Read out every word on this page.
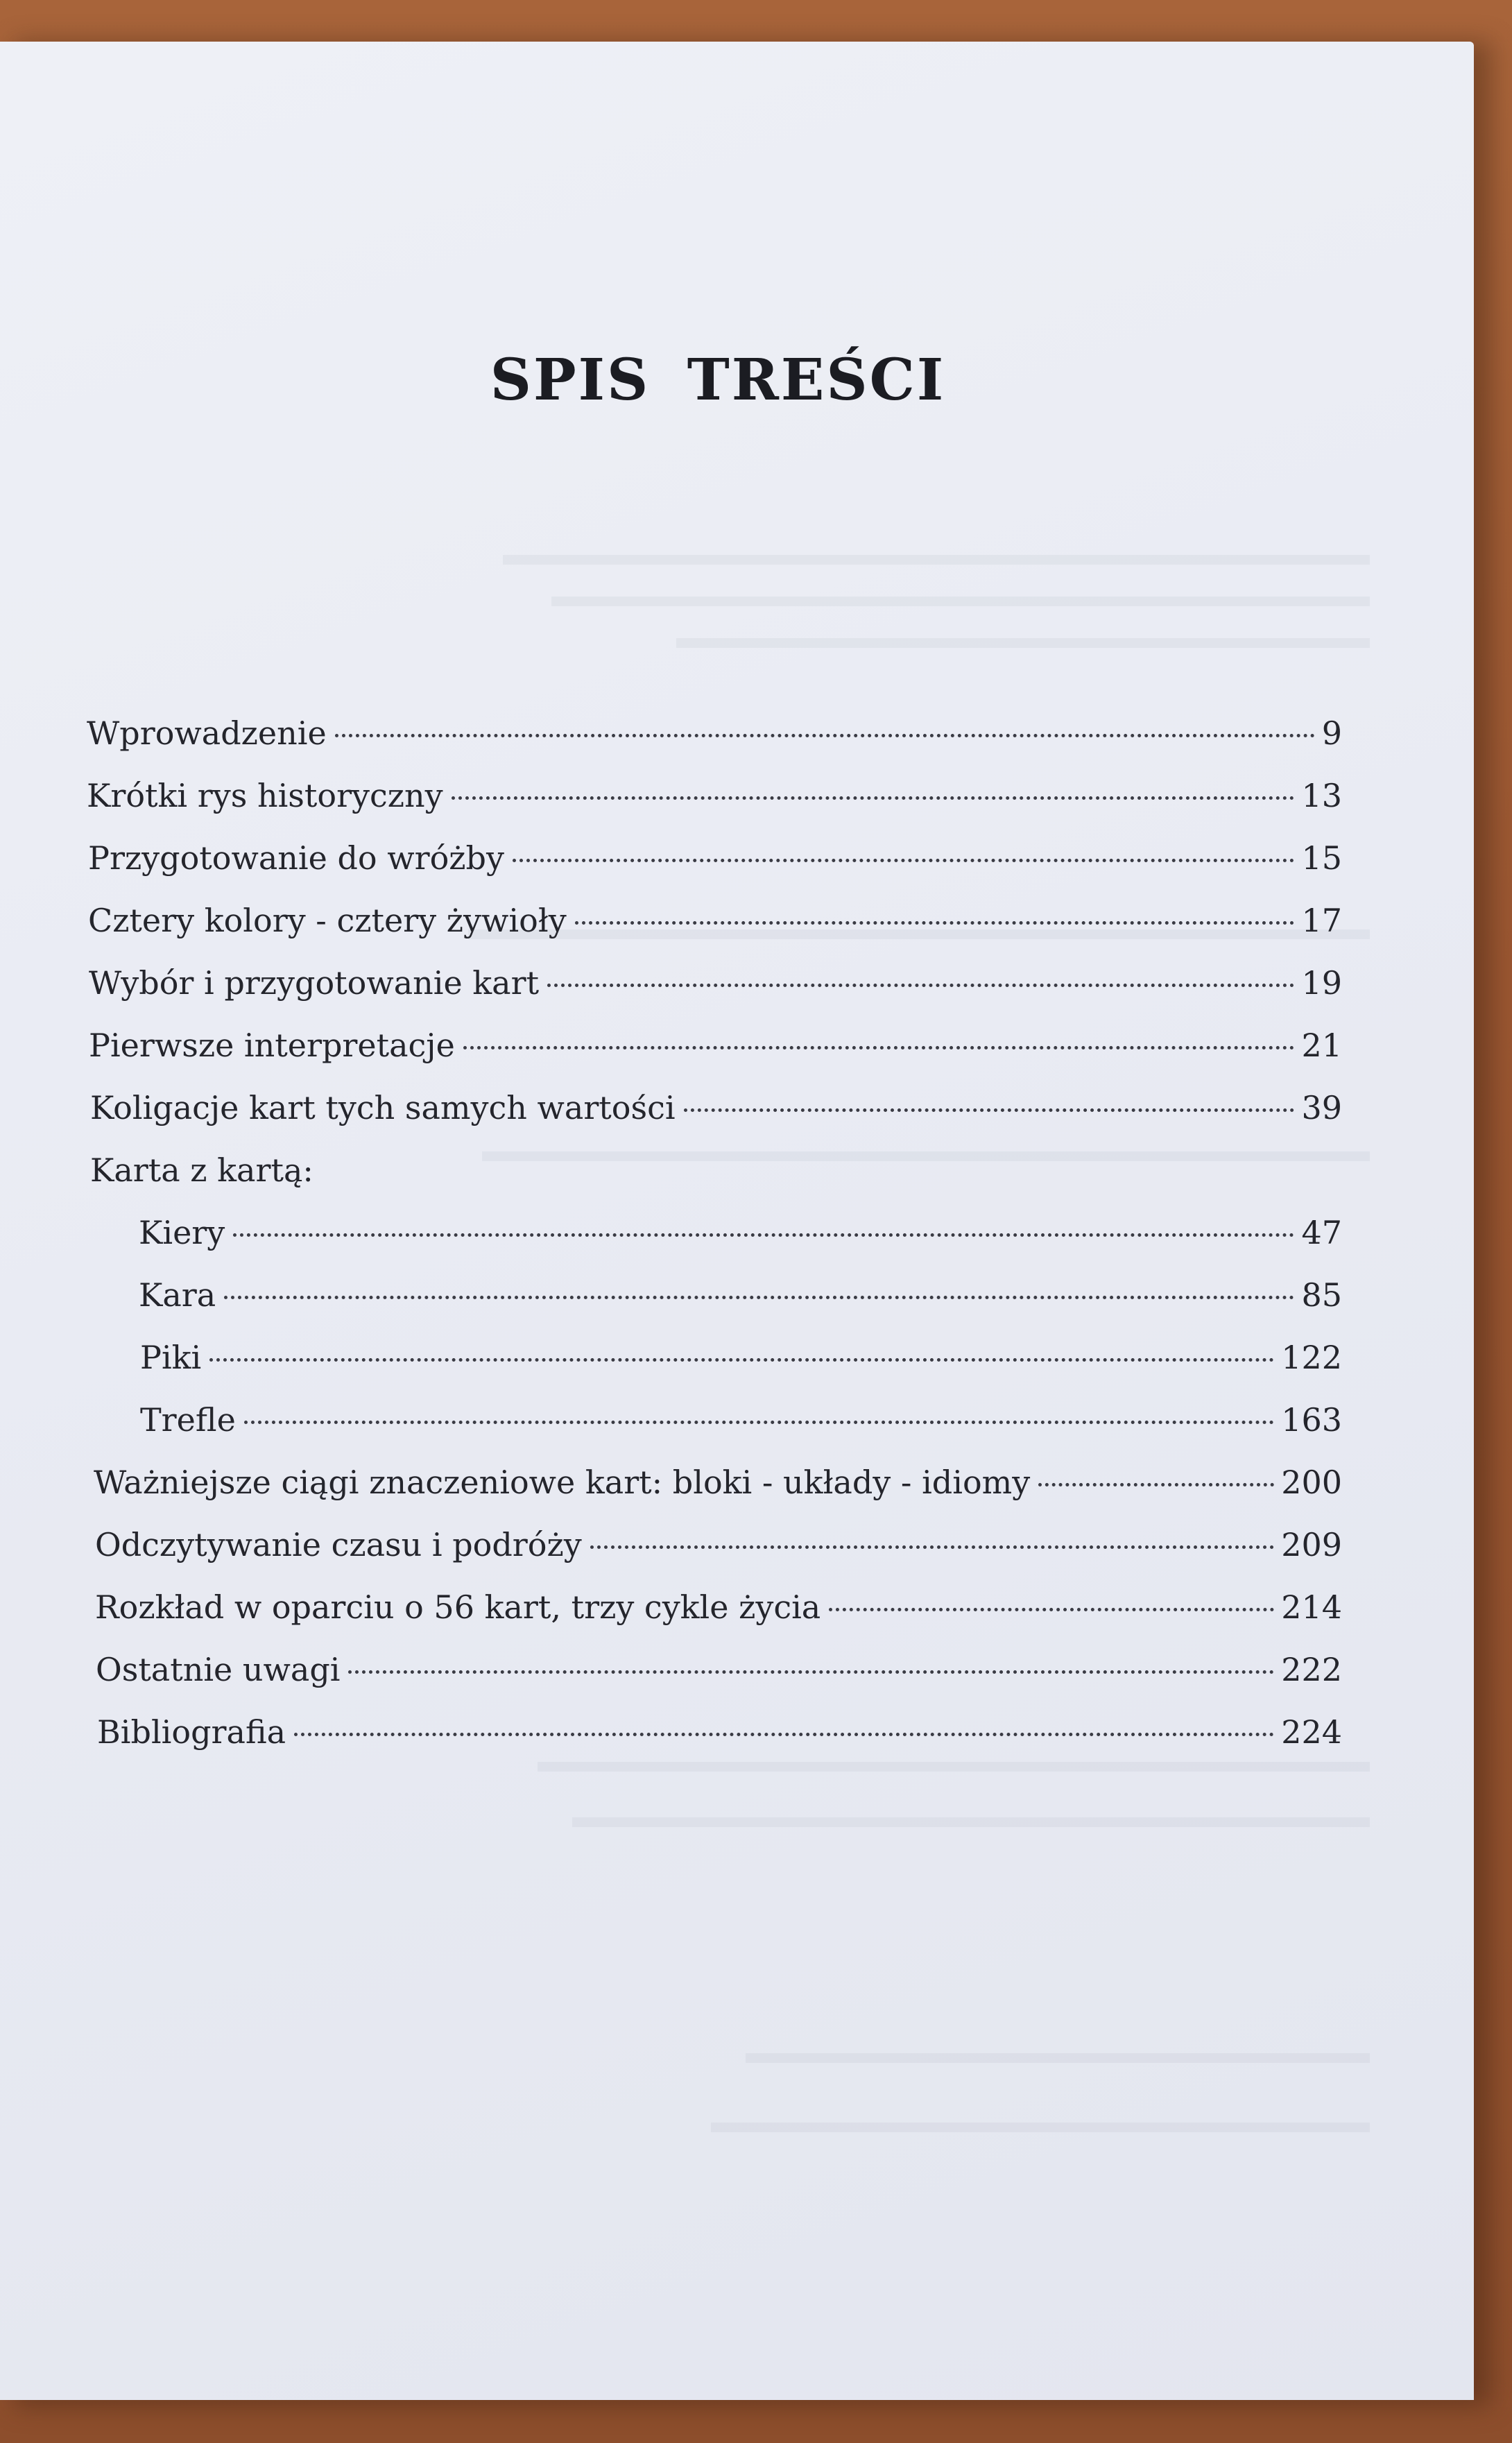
SPIS TREŚCI
Wprowadzenie	9
Krótki rys historyczny	13
Przygotowanie do wróżby	15
Cztery kolory - cztery żywioły	17
Wybór i przygotowanie kart	19
Pierwsze interpretacje	21
Koligacje kart tych samych wartości	39
Karta z kartą:
Kiery	47
Kara	85
Piki	122
Trefle	163
Ważniejsze ciągi znaczeniowe kart: bloki - układy - idiomy	200
Odczytywanie czasu i podróży	209
Rozkład w oparciu o 56 kart, trzy cykle życia	214
Ostatnie uwagi	222
Bibliografia	224
